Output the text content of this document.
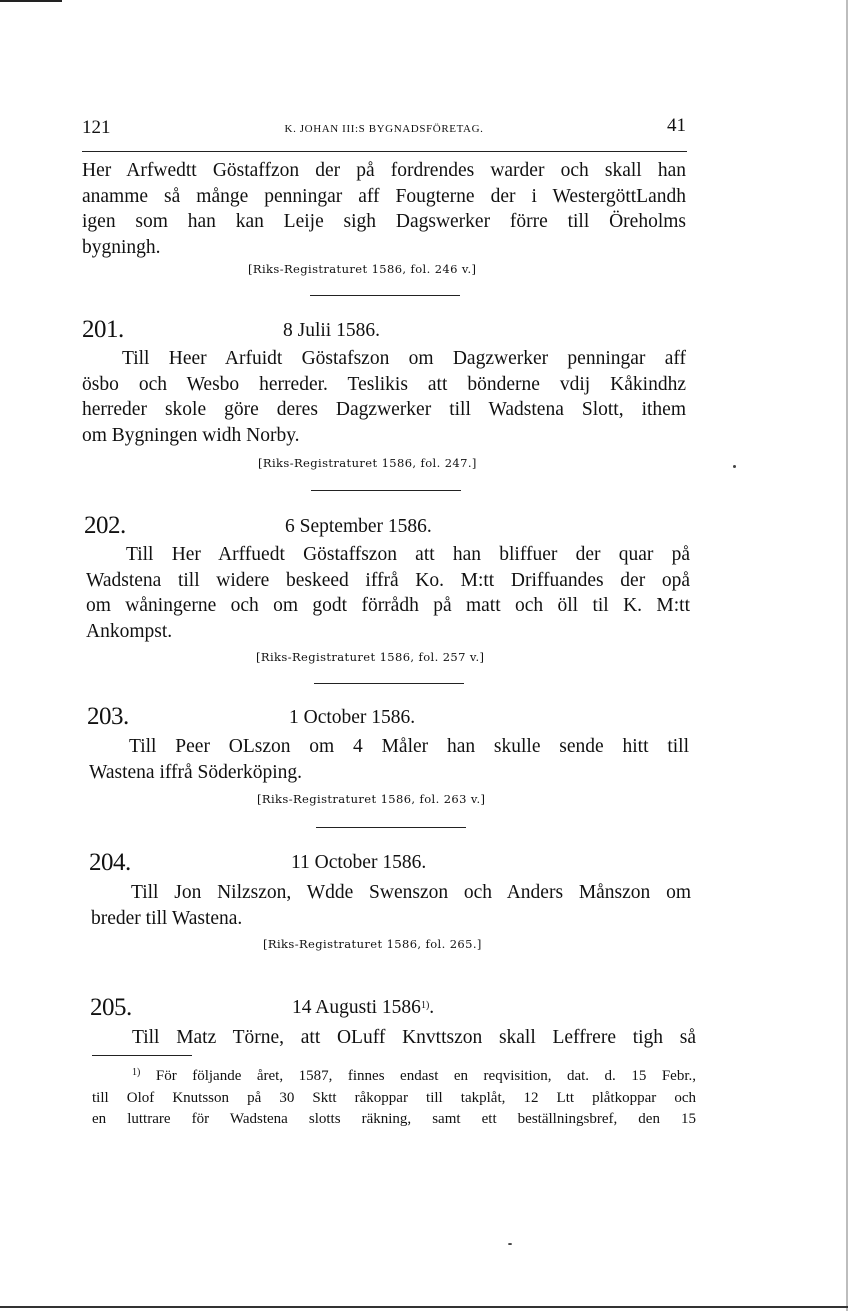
121	K. JOHAN III:S BYGNADSFÖRETAG.	41
Her Arfwedtt Göstaffzon der på fordrendes warder och skall han
anamme så månge penningar aff Fougterne der i WestergöttLandh
igen som han kan Leije sigh Dagswerker förre till Öreholms
bygningh.
[Riks-Registraturet 1586, fol. 246 v.]
201.	8 Julii 1586.
Till Heer Arfuidt Göstafszon om Dagzwerker penningar aff
ösbo och Wesbo herreder. Teslikis att bönderne vdij Kåkindhz
herreder skole göre deres Dagzwerker till Wadstena Slott, ithem
om Bygningen widh Norby.
[Riks-Registraturet 1586, fol. 247.]
202.	6 September 1586.
Till Her Arffuedt Göstaffszon att han bliffuer der quar på
Wadstena till widere beskeed iffrå Ko. M:tt Driffuandes der opå
om wåningerne och om godt förrådh på matt och öll til K. M:tt
Ankompst.
[Riks-Registraturet 1586, fol. 257 v.]
203.	1 October 1586.
Till Peer OLszon om 4 Måler han skulle sende hitt till
Wastena iffrå Söderköping.
[Riks-Registraturet 1586, fol. 263 v.]
204.	11 October 1586.
Till Jon Nilzszon, Wdde Swenszon och Anders Månszon om
breder till Wastena.
[Riks-Registraturet 1586, fol. 265.]
205.	14 Augusti 1586$^{1)}$.
Till Matz Törne, att OLuff Knvttszon skall Leffrere tigh så
$^{1)}$ För följande året, 1587, finnes endast en reqvisition, dat. d. 15 Febr.,
till Olof Knutsson på 30 Sktt råkoppar till takplåt, 12 Ltt plåtkoppar och
en luttrare för Wadstena slotts räkning, samt ett beställningsbref, den 15
